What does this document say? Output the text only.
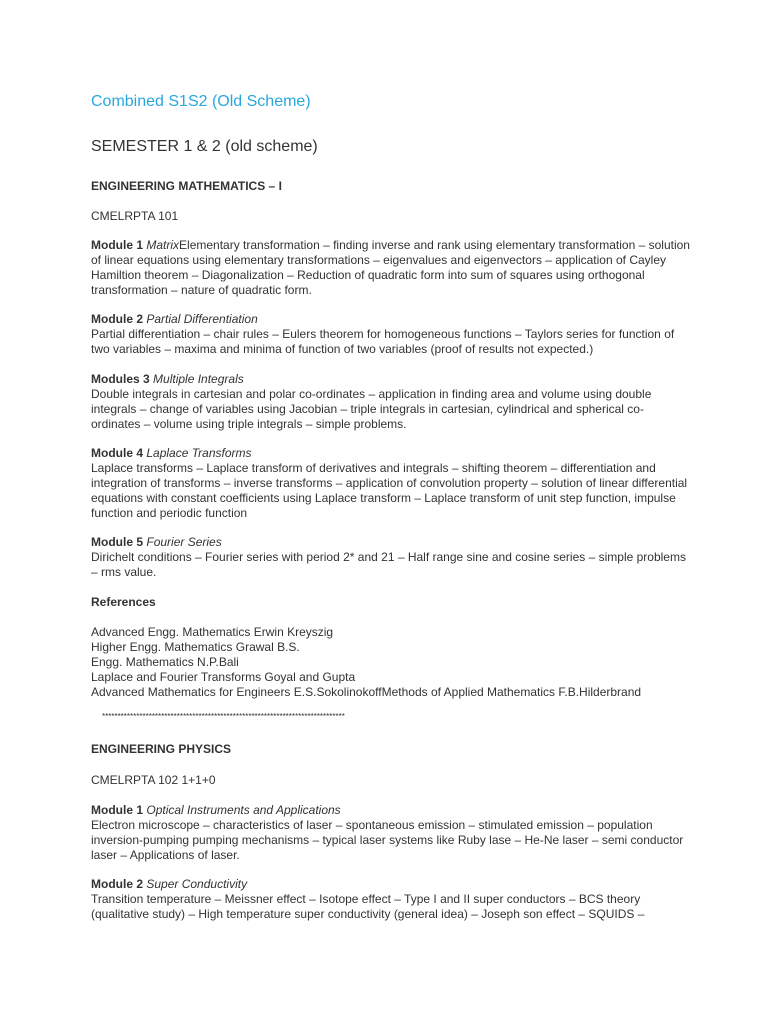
Combined S1S2 (Old Scheme)
SEMESTER 1 & 2 (old scheme)
ENGINEERING MATHEMATICS – I
CMELRPTA 101

Module 1 MatrixElementary transformation – finding inverse and rank using elementary transformation – solution of linear equations using elementary transformations – eigenvalues and eigenvectors – application of Cayley Hamiltion theorem – Diagonalization – Reduction of quadratic form into sum of squares using orthogonal transformation – nature of quadratic form.

Module 2 Partial Differentiation

Partial differentiation – chair rules – Eulers theorem for homogeneous functions – Taylors series for function of two variables – maxima and minima of function of two variables (proof of results not expected.)

Modules 3 Multiple Integrals

Double integrals in cartesian and polar co-ordinates – application in finding area and volume using double integrals – change of variables using Jacobian – triple integrals in cartesian, cylindrical and spherical co-ordinates – volume using triple integrals – simple problems.

Module 4 Laplace Transforms

Laplace transforms – Laplace transform of derivatives and integrals – shifting theorem – differentiation and integration of transforms – inverse transforms – application of convolution property – solution of linear differential equations with constant coefficients using Laplace transform – Laplace transform of unit step function, impulse function and periodic function

Module 5 Fourier Series

Dirichelt conditions – Fourier series with period 2* and 21 – Half range sine and cosine series – simple problems – rms value.

References

Advanced Engg. Mathematics Erwin Kreyszig

Higher Engg. Mathematics Grawal B.S.

Engg. Mathematics N.P.Bali

Laplace and Fourier Transforms Goyal and Gupta

Advanced Mathematics for Engineers E.S.SokolinokoffMethods of Applied Mathematics F.B.Hilderbrand

******************************************************************************
ENGINEERING PHYSICS
CMELRPTA 102 1+1+0

Module 1 Optical Instruments and Applications

Electron microscope – characteristics of laser – spontaneous emission – stimulated emission – population inversion-pumping pumping mechanisms – typical laser systems like Ruby lase – He-Ne laser – semi conductor laser – Applications of laser.

Module 2 Super Conductivity

Transition temperature – Meissner effect – Isotope effect – Type I and II super conductors – BCS theory (qualitative study) – High temperature super conductivity (general idea) – Joseph son effect – SQUIDS –
